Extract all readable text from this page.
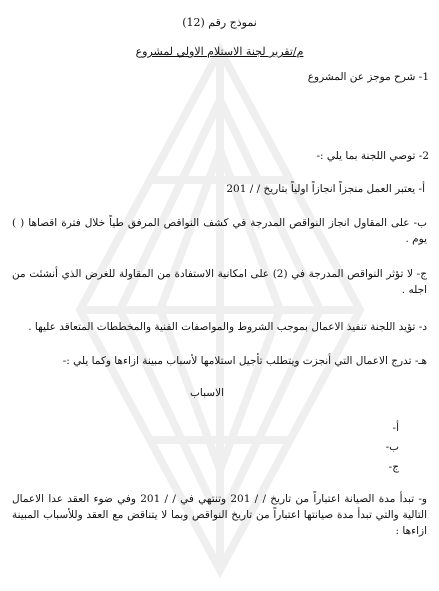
نموذج رقم (12)
م/تقرير لجنة الاستلام الاولي لمشروع
1- شرح موجز عن المشروع
2- توصي اللجنة بما يلي :-
أ- يعتبر العمل منجزاً انجازاً اولياً بتاريخ / / 201
ب- على المقاول انجاز النواقص المدرجة في كشف النواقص المرفق طياً خلال فترة اقصاها ( ) يوم .
ج- لا تؤثر النواقص المدرجة في (2) على امكانية الاستفادة من المقاولة للغرض الذي أنشئت من اجله .
د- تؤيد اللجنة تنفيذ الاعمال بموجب الشروط والمواصفات الفنية والمخططات المتعاقد عليها .
هـ- تدرج الاعمال التي أنجزت ويتطلب تأجيل استلامها لأسباب مبينة ازاءها وكما يلي :-
الاسباب
أ-
ب-
ج-
و- تبدأ مدة الصيانة اعتباراً من تاريخ / / 201 وتنتهي في / / 201 وفي ضوء العقد عدا الاعمال التالية والتي تبدأ مدة صيانتها اعتباراً من تاريخ النواقص وبما لا يتناقض مع العقد وللأسباب المبينة ازاءها :
